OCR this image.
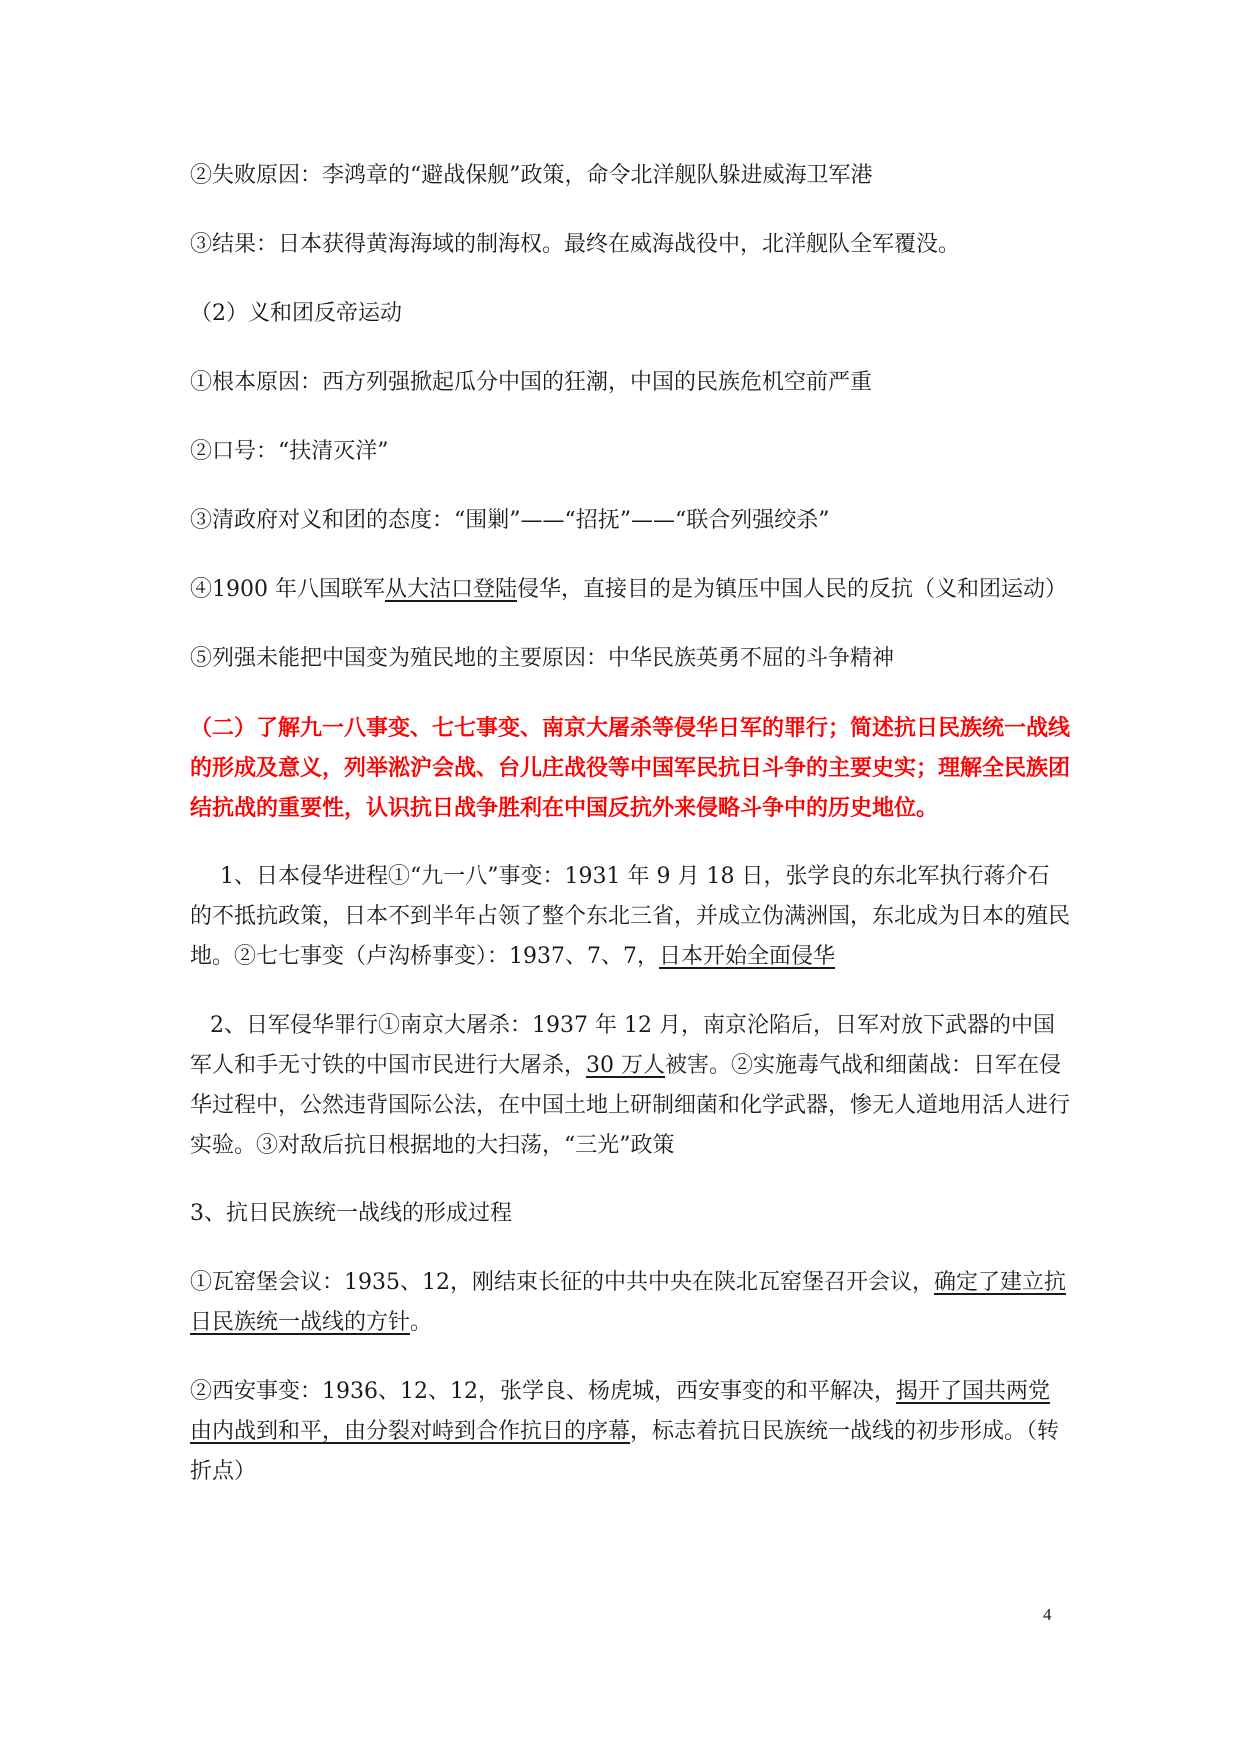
②失败原因：李鸿章的“避战保舰”政策，命令北洋舰队躲进威海卫军港
③结果：日本获得黄海海域的制海权。最终在威海战役中，北洋舰队全军覆没。
（2）义和团反帝运动
①根本原因：西方列强掀起瓜分中国的狂潮，中国的民族危机空前严重
②口号：“扶清灭洋”
③清政府对义和团的态度：“围剿”——“招抚”——“联合列强绞杀”
④1900 年八国联军从大沽口登陆侵华，直接目的是为镇压中国人民的反抗（义和团运动）
⑤列强未能把中国变为殖民地的主要原因：中华民族英勇不屈的斗争精神
（二）了解九一八事变、七七事变、南京大屠杀等侵华日军的罪行；简述抗日民族统一战线的形成及意义，列举淞沪会战、台儿庄战役等中国军民抗日斗争的主要史实；理解全民族团结抗战的重要性，认识抗日战争胜利在中国反抗外来侵略斗争中的历史地位。
1、日本侵华进程①“九一八”事变：1931 年 9 月 18 日，张学良的东北军执行蒋介石的不抵抗政策，日本不到半年占领了整个东北三省，并成立伪满洲国，东北成为日本的殖民地。②七七事变（卢沟桥事变）：1937、7、7，日本开始全面侵华
2、日军侵华罪行①南京大屠杀：1937 年 12 月，南京沦陷后，日军对放下武器的中国军人和手无寸铁的中国市民进行大屠杀，30 万人被害。②实施毒气战和细菌战：日军在侵华过程中，公然违背国际公法，在中国土地上研制细菌和化学武器，惨无人道地用活人进行实验。③对敌后抗日根据地的大扫荡，“三光”政策
3、抗日民族统一战线的形成过程
①瓦窑堡会议：1935、12，刚结束长征的中共中央在陕北瓦窑堡召开会议，确定了建立抗日民族统一战线的方针。
②西安事变：1936、12、12，张学良、杨虎城，西安事变的和平解决，揭开了国共两党由内战到和平，由分裂对峙到合作抗日的序幕，标志着抗日民族统一战线的初步形成。（转折点）
4
